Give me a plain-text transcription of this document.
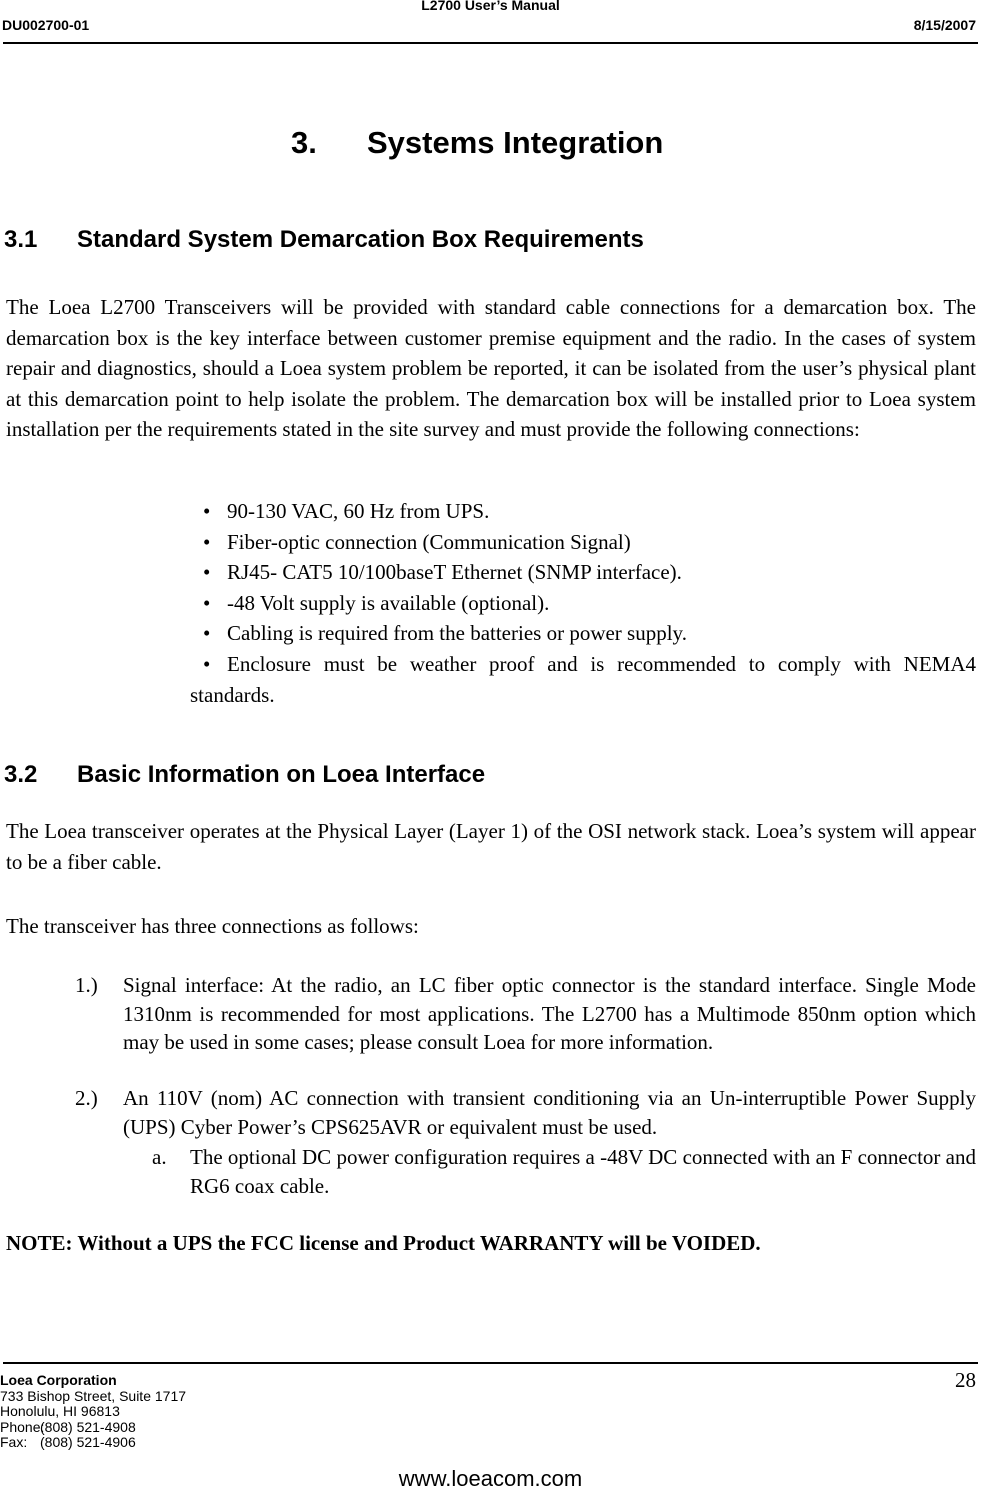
L2700 User’s Manual
DU002700-01	8/15/2007
3. Systems Integration
3.1 Standard System Demarcation Box Requirements
The Loea L2700 Transceivers will be provided with standard cable connections for a demarcation box. The demarcation box is the key interface between customer premise equipment and the radio. In the cases of system repair and diagnostics, should a Loea system problem be reported, it can be isolated from the user’s physical plant at this demarcation point to help isolate the problem. The demarcation box will be installed prior to Loea system installation per the requirements stated in the site survey and must provide the following connections:
• 90-130 VAC, 60 Hz from UPS.
• Fiber-optic connection (Communication Signal)
• RJ45- CAT5 10/100baseT Ethernet (SNMP interface).
• -48 Volt supply is available (optional).
• Cabling is required from the batteries or power supply.
• Enclosure must be weather proof and is recommended to comply with NEMA4 standards.
3.2 Basic Information on Loea Interface
The Loea transceiver operates at the Physical Layer (Layer 1) of the OSI network stack. Loea’s system will appear to be a fiber cable.
The transceiver has three connections as follows:
1.) Signal interface: At the radio, an LC fiber optic connector is the standard interface. Single Mode 1310nm is recommended for most applications. The L2700 has a Multimode 850nm option which may be used in some cases; please consult Loea for more information.
2.) An 110V (nom) AC connection with transient conditioning via an Un-interruptible Power Supply (UPS) Cyber Power’s CPS625AVR or equivalent must be used.
a. The optional DC power configuration requires a -48V DC connected with an F connector and RG6 coax cable.
NOTE: Without a UPS the FCC license and Product WARRANTY will be VOIDED.
Loea Corporation
733 Bishop Street, Suite 1717
Honolulu, HI 96813
Phone:(808) 521-4908
Fax: (808) 521-4906
28
www.loeacom.com
